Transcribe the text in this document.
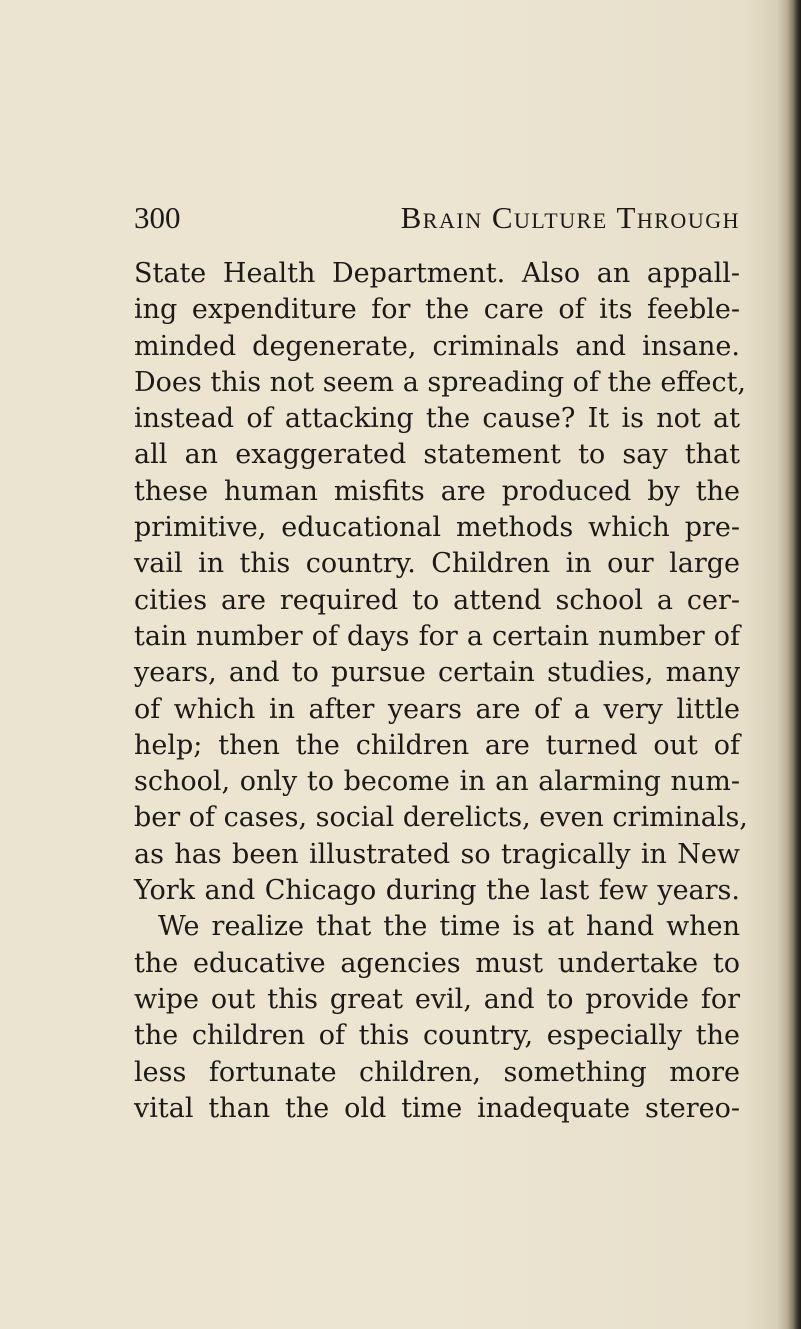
300	Brain Culture Through
State Health Department. Also an appall-
ing expenditure for the care of its feeble-
minded degenerate, criminals and insane.
Does this not seem a spreading of the effect,
instead of attacking the cause? It is not at
all an exaggerated statement to say that
these human misfits are produced by the
primitive, educational methods which pre-
vail in this country. Children in our large
cities are required to attend school a cer-
tain number of days for a certain number of
years, and to pursue certain studies, many
of which in after years are of a very little
help; then the children are turned out of
school, only to become in an alarming num-
ber of cases, social derelicts, even criminals,
as has been illustrated so tragically in New
York and Chicago during the last few years.
We realize that the time is at hand when
the educative agencies must undertake to
wipe out this great evil, and to provide for
the children of this country, especially the
less fortunate children, something more
vital than the old time inadequate stereo-
